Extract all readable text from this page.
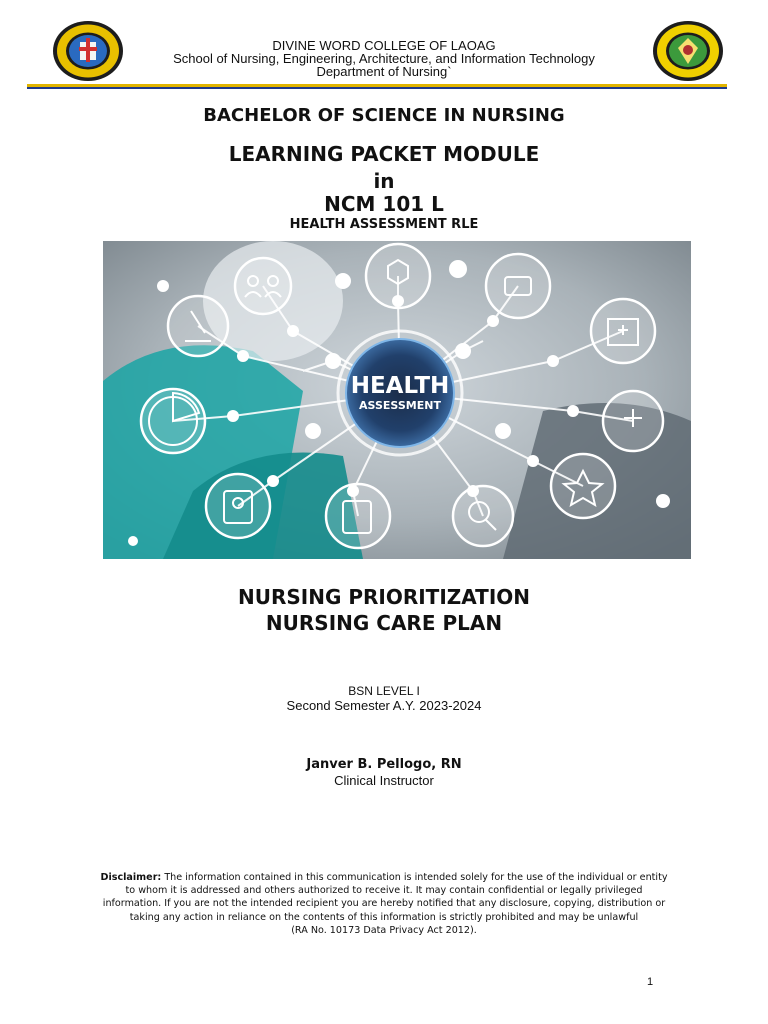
DIVINE WORD COLLEGE OF LAOAG
School of Nursing, Engineering, Architecture, and Information Technology
Department of Nursing`
BACHELOR OF SCIENCE IN NURSING
LEARNING PACKET MODULE
in
NCM 101 L
HEALTH ASSESSMENT RLE
HEALTH
ASSESSMENT
NURSING PRIORITIZATION
NURSING CARE PLAN
BSN LEVEL I
Second Semester A.Y. 2023-2024
Janver B. Pellogo, RN
Clinical Instructor
Disclaimer: The information contained in this communication is intended solely for the use of the individual or entity to whom it is addressed and others authorized to receive it. It may contain confidential or legally privileged information. If you are not the intended recipient you are hereby notified that any disclosure, copying, distribution or taking any action in reliance on the contents of this information is strictly prohibited and may be unlawful
(RA No. 10173 Data Privacy Act 2012).
1
